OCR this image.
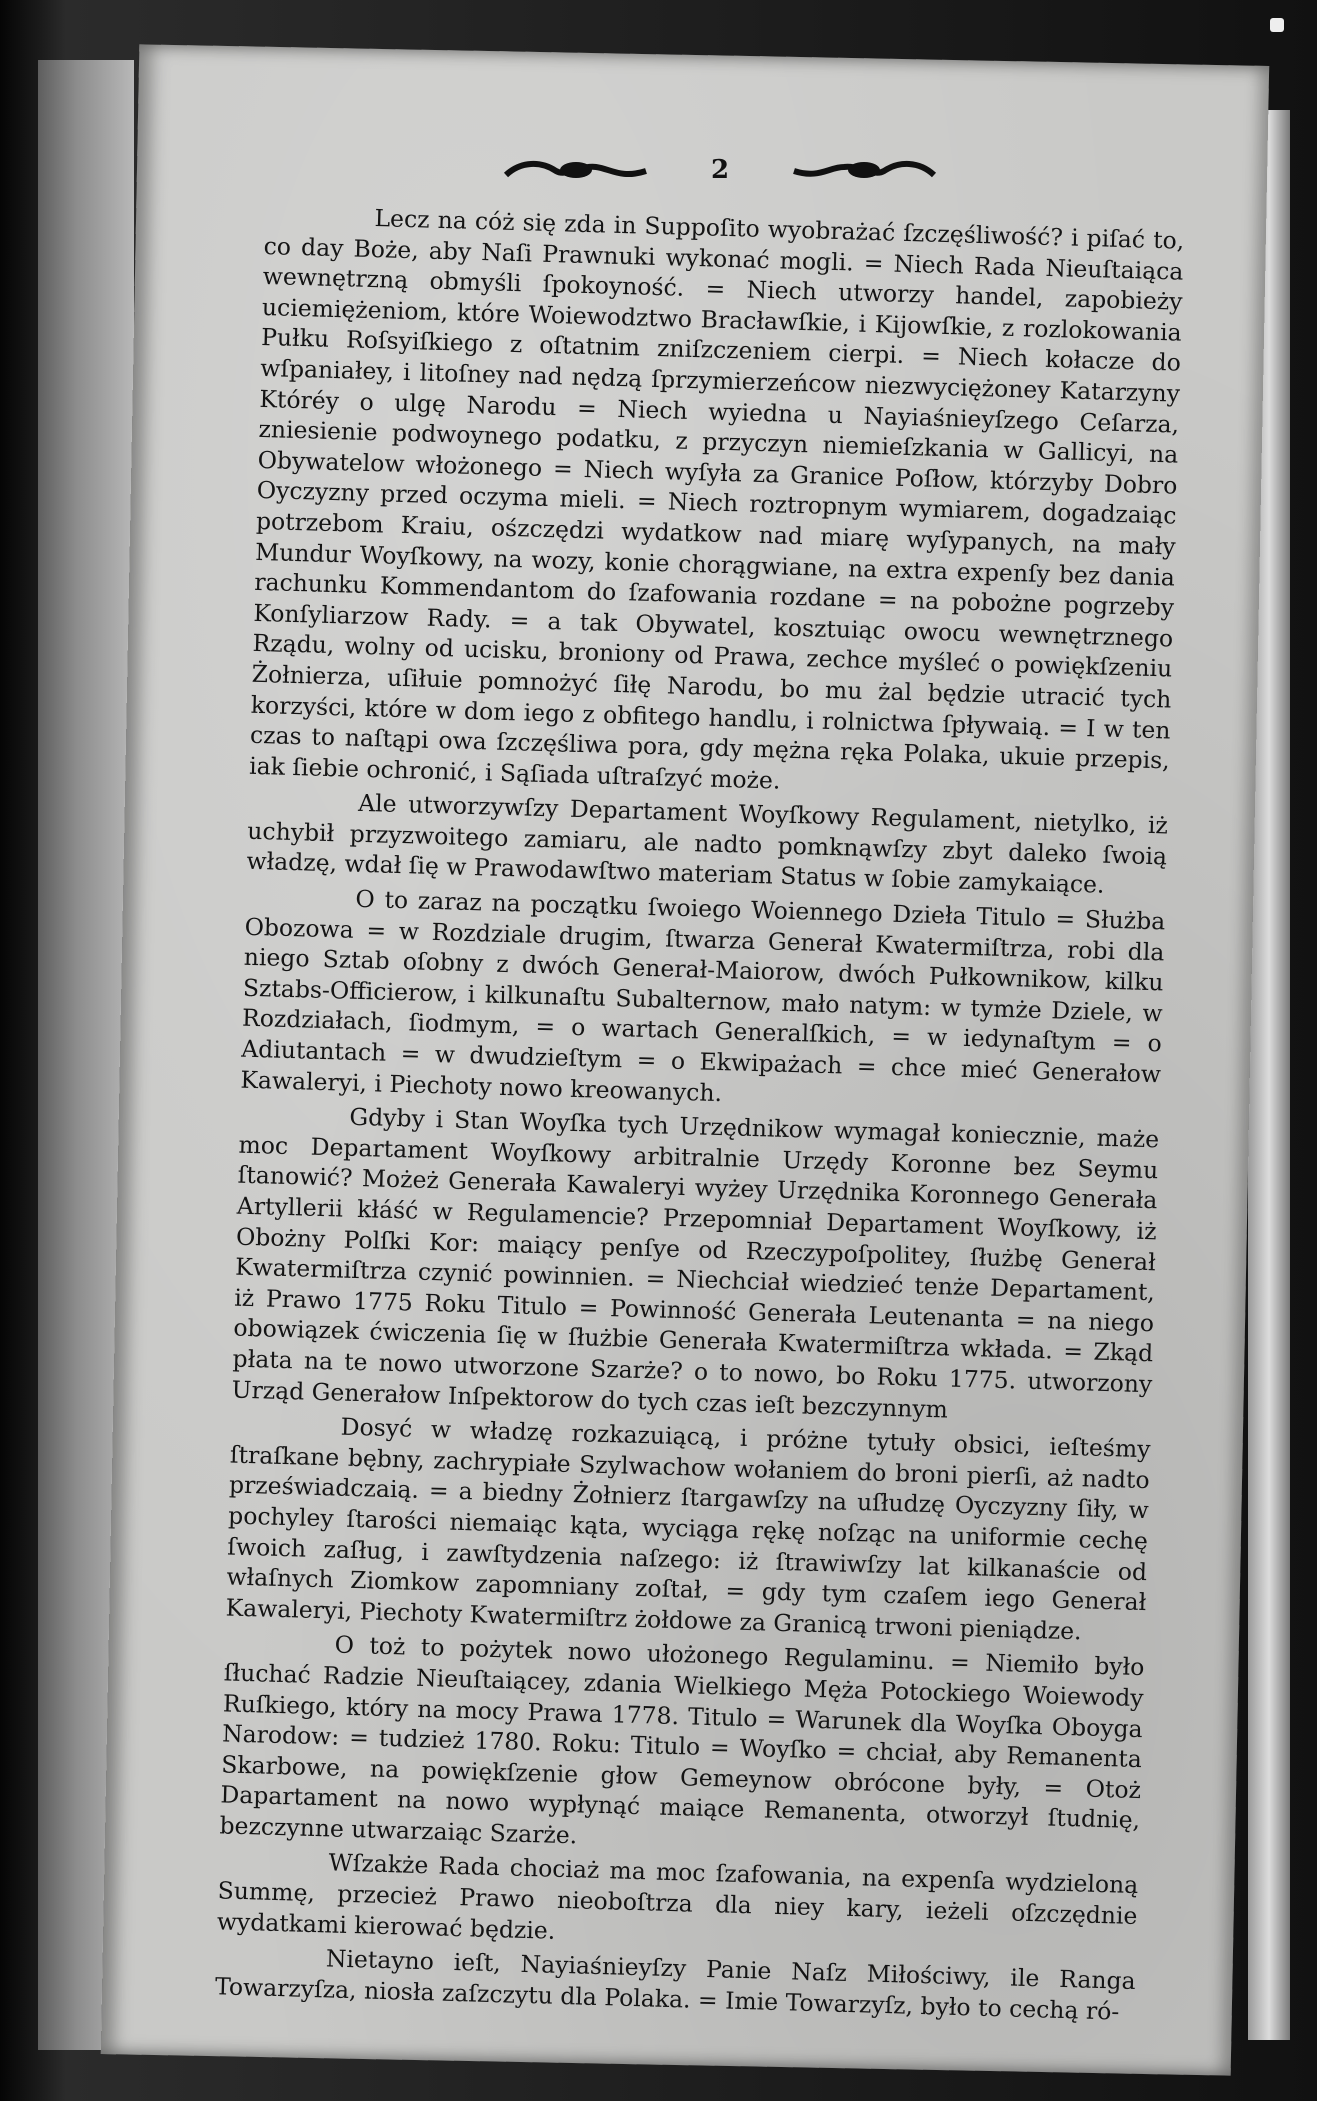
2

Lecz na cóż się zda in Suppoſito wyobrażać ſzczęśliwość? i piſać to, co day Boże, aby Naſi Prawnuki wykonać mogli. = Niech Rada Nieuſtaiąca wewnętrzną obmyśli ſpokoyność. = Niech utworzy handel, zapobieży uciemiężeniom, które Woiewodztwo Bracławſkie, i Kijowſkie, z rozlokowania Pułku Roſsyiſkiego z oſtatnim zniſzczeniem cierpi. = Niech kołacze do wſpaniałey, i litoſney nad nędzą ſprzymierzeńcow niezwyciężoney Katarzyny Któréy o ulgę Narodu = Niech wyiedna u Nayiaśnieyſzego Ceſarza, zniesienie podwoynego podatku, z przyczyn niemieſzkania w Gallicyi, na Obywatelow włożonego = Niech wyſyła za Granice Poſłow, którzyby Dobro Oyczyzny przed oczyma mieli. = Niech roztropnym wymiarem, dogadzaiąc potrzebom Kraiu, ośzczędzi wydatkow nad miarę wyſypanych, na mały Mundur Woyſkowy, na wozy, konie chorągwiane, na extra expenſy bez dania rachunku Kommendantom do ſzafowania rozdane = na pobożne pogrzeby Konſyliarzow Rady. = a tak Obywatel, kosztuiąc owocu wewnętrznego Rządu, wolny od ucisku, broniony od Prawa, zechce myśleć o powiękſzeniu Żołnierza, uſiłuie pomnożyć ſiłę Narodu, bo mu żal będzie utracić tych korzyści, które w dom iego z obfitego handlu, i rolnictwa ſpływaią. = I w ten czas to naſtąpi owa ſzczęśliwa pora, gdy mężna ręka Polaka, ukuie przepis, iak ſiebie ochronić, i Sąſiada uſtraſzyć może.

Ale utworzywſzy Departament Woyſkowy Regulament, nietylko, iż uchybił przyzwoitego zamiaru, ale nadto pomknąwſzy zbyt daleko ſwoią władzę, wdał ſię w Prawodawſtwo materiam Status w ſobie zamykaiące.

O to zaraz na początku ſwoiego Woiennego Dzieła Titulo = Służba Obozowa = w Rozdziale drugim, ſtwarza Generał Kwatermiſtrza, robi dla niego Sztab oſobny z dwóch Generał-Maiorow, dwóch Pułkownikow, kilku Sztabs-Officierow, i kilkunaſtu Subalternow, mało natym: w tymże Dziele, w Rozdziałach, ſiodmym, = o wartach Generalſkich, = w iedynaſtym = o Adiutantach = w dwudzieſtym = o Ekwipażach = chce mieć Generałow Kawaleryi, i Piechoty nowo kreowanych.

Gdyby i Stan Woyſka tych Urzędnikow wymagał koniecznie, maże moc Departament Woyſkowy arbitralnie Urzędy Koronne bez Seymu ſtanowić? Możeż Generała Kawaleryi wyżey Urzędnika Koronnego Generała Artyllerii kłáść w Regulamencie? Przepomniał Departament Woyſkowy, iż Obożny Polſki Kor: maiący penſye od Rzeczypoſpolitey, ſłużbę Generał Kwatermiſtrza czynić powinnien. = Niechciał wiedzieć tenże Departament, iż Prawo 1775 Roku Titulo = Powinność Generała Leutenanta = na niego obowiązek ćwiczenia ſię w ſłużbie Generała Kwatermiſtrza wkłada. = Zkąd płata na te nowo utworzone Szarże? o to nowo, bo Roku 1775. utworzony Urząd Generałow Inſpektorow do tych czas ieſt bezczynnym

Dosyć w władzę rozkazuiącą, i próżne tytuły obsici, ieſteśmy ſtraſkane bębny, zachrypiałe Szylwachow wołaniem do broni pierſi, aż nadto przeświadczaią. = a biedny Żołnierz ſtargawſzy na uſłudzę Oyczyzny ſiły, w pochyley ſtarości niemaiąc kąta, wyciąga rękę noſząc na uniformie cechę ſwoich zaſług, i zawſtydzenia naſzego: iż ſtrawiwſzy lat kilkanaście od właſnych Ziomkow zapomniany zoſtał, = gdy tym czaſem iego Generał Kawaleryi, Piechoty Kwatermiſtrz żołdowe za Granicą trwoni pieniądze.

O toż to pożytek nowo ułożonego Regulaminu. = Niemiło było ſłuchać Radzie Nieuſtaiącey, zdania Wielkiego Męża Potockiego Woiewody Ruſkiego, który na mocy Prawa 1778. Titulo = Warunek dla Woyſka Oboyga Narodow: = tudzież 1780. Roku: Titulo = Woyſko = chciał, aby Remanenta Skarbowe, na powiękſzenie głow Gemeynow obrócone były, = Otoż Dapartament na nowo wypłynąć maiące Remanenta, otworzył ſtudnię, bezczynne utwarzaiąc Szarże.

Wſzakże Rada chociaż ma moc ſzafowania, na expenſa wydzieloną Summę, przecież Prawo nieoboſtrza dla niey kary, ieżeli oſzczędnie wydatkami kierować będzie.

Nietayno ieſt, Nayiaśnieyſzy Panie Naſz Miłościwy, ile Ranga Towarzyſza, niosła zaſzczytu dla Polaka. = Imie Towarzyſz, było to cechą ró-
